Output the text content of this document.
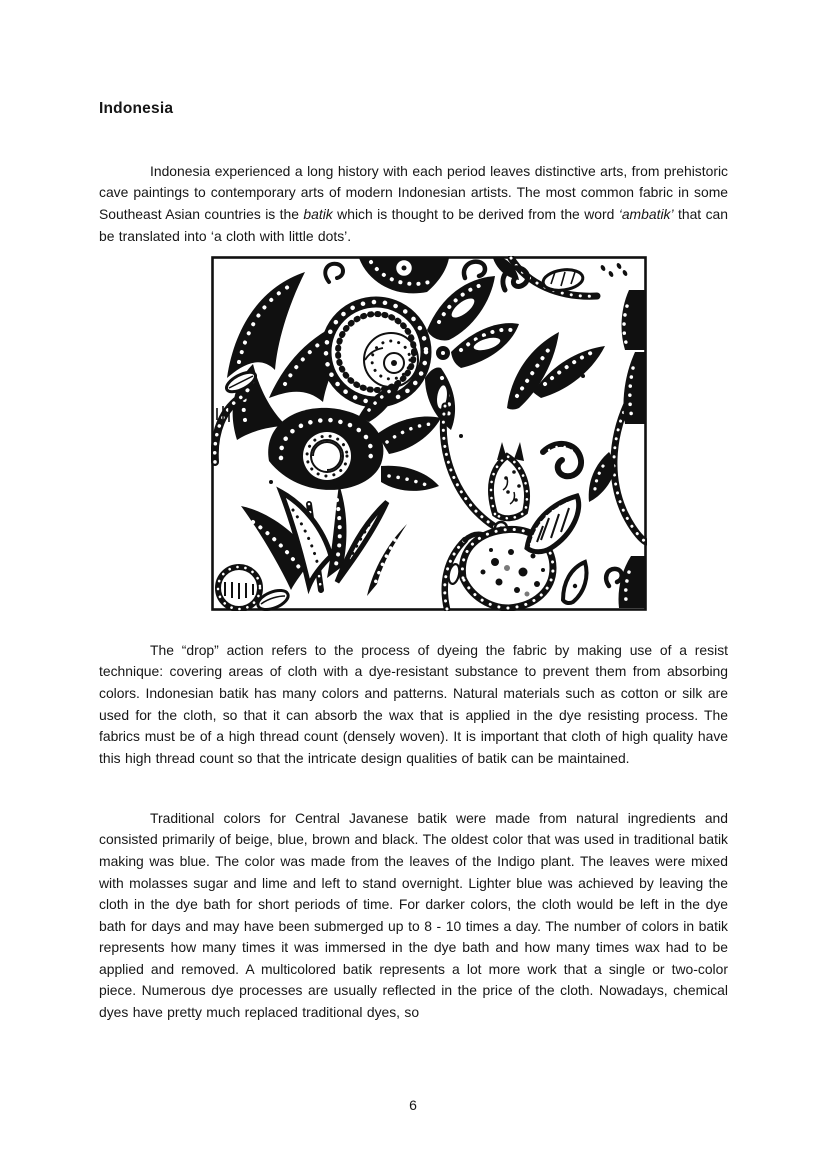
Indonesia

Indonesia experienced a long history with each period leaves distinctive arts, from prehistoric cave paintings to contemporary arts of modern Indonesian artists. The most common fabric in some Southeast Asian countries is the batik which is thought to be derived from the word ‘ambatik’ that can be translated into ‘a cloth with little dots’.

The “drop” action refers to the process of dyeing the fabric by making use of a resist technique: covering areas of cloth with a dye-resistant substance to prevent them from absorbing colors. Indonesian batik has many colors and patterns. Natural materials such as cotton or silk are used for the cloth, so that it can absorb the wax that is applied in the dye resisting process. The fabrics must be of a high thread count (densely woven). It is important that cloth of high quality have this high thread count so that the intricate design qualities of batik can be maintained.

Traditional colors for Central Javanese batik were made from natural ingredients and consisted primarily of beige, blue, brown and black. The oldest color that was used in traditional batik making was blue. The color was made from the leaves of the Indigo plant. The leaves were mixed with molasses sugar and lime and left to stand overnight. Lighter blue was achieved by leaving the cloth in the dye bath for short periods of time. For darker colors, the cloth would be left in the dye bath for days and may have been submerged up to 8 - 10 times a day. The number of colors in batik represents how many times it was immersed in the dye bath and how many times wax had to be applied and removed. A multicolored batik represents a lot more work that a single or two-color piece. Numerous dye processes are usually reflected in the price of the cloth. Nowadays, chemical dyes have pretty much replaced traditional dyes, so

6
